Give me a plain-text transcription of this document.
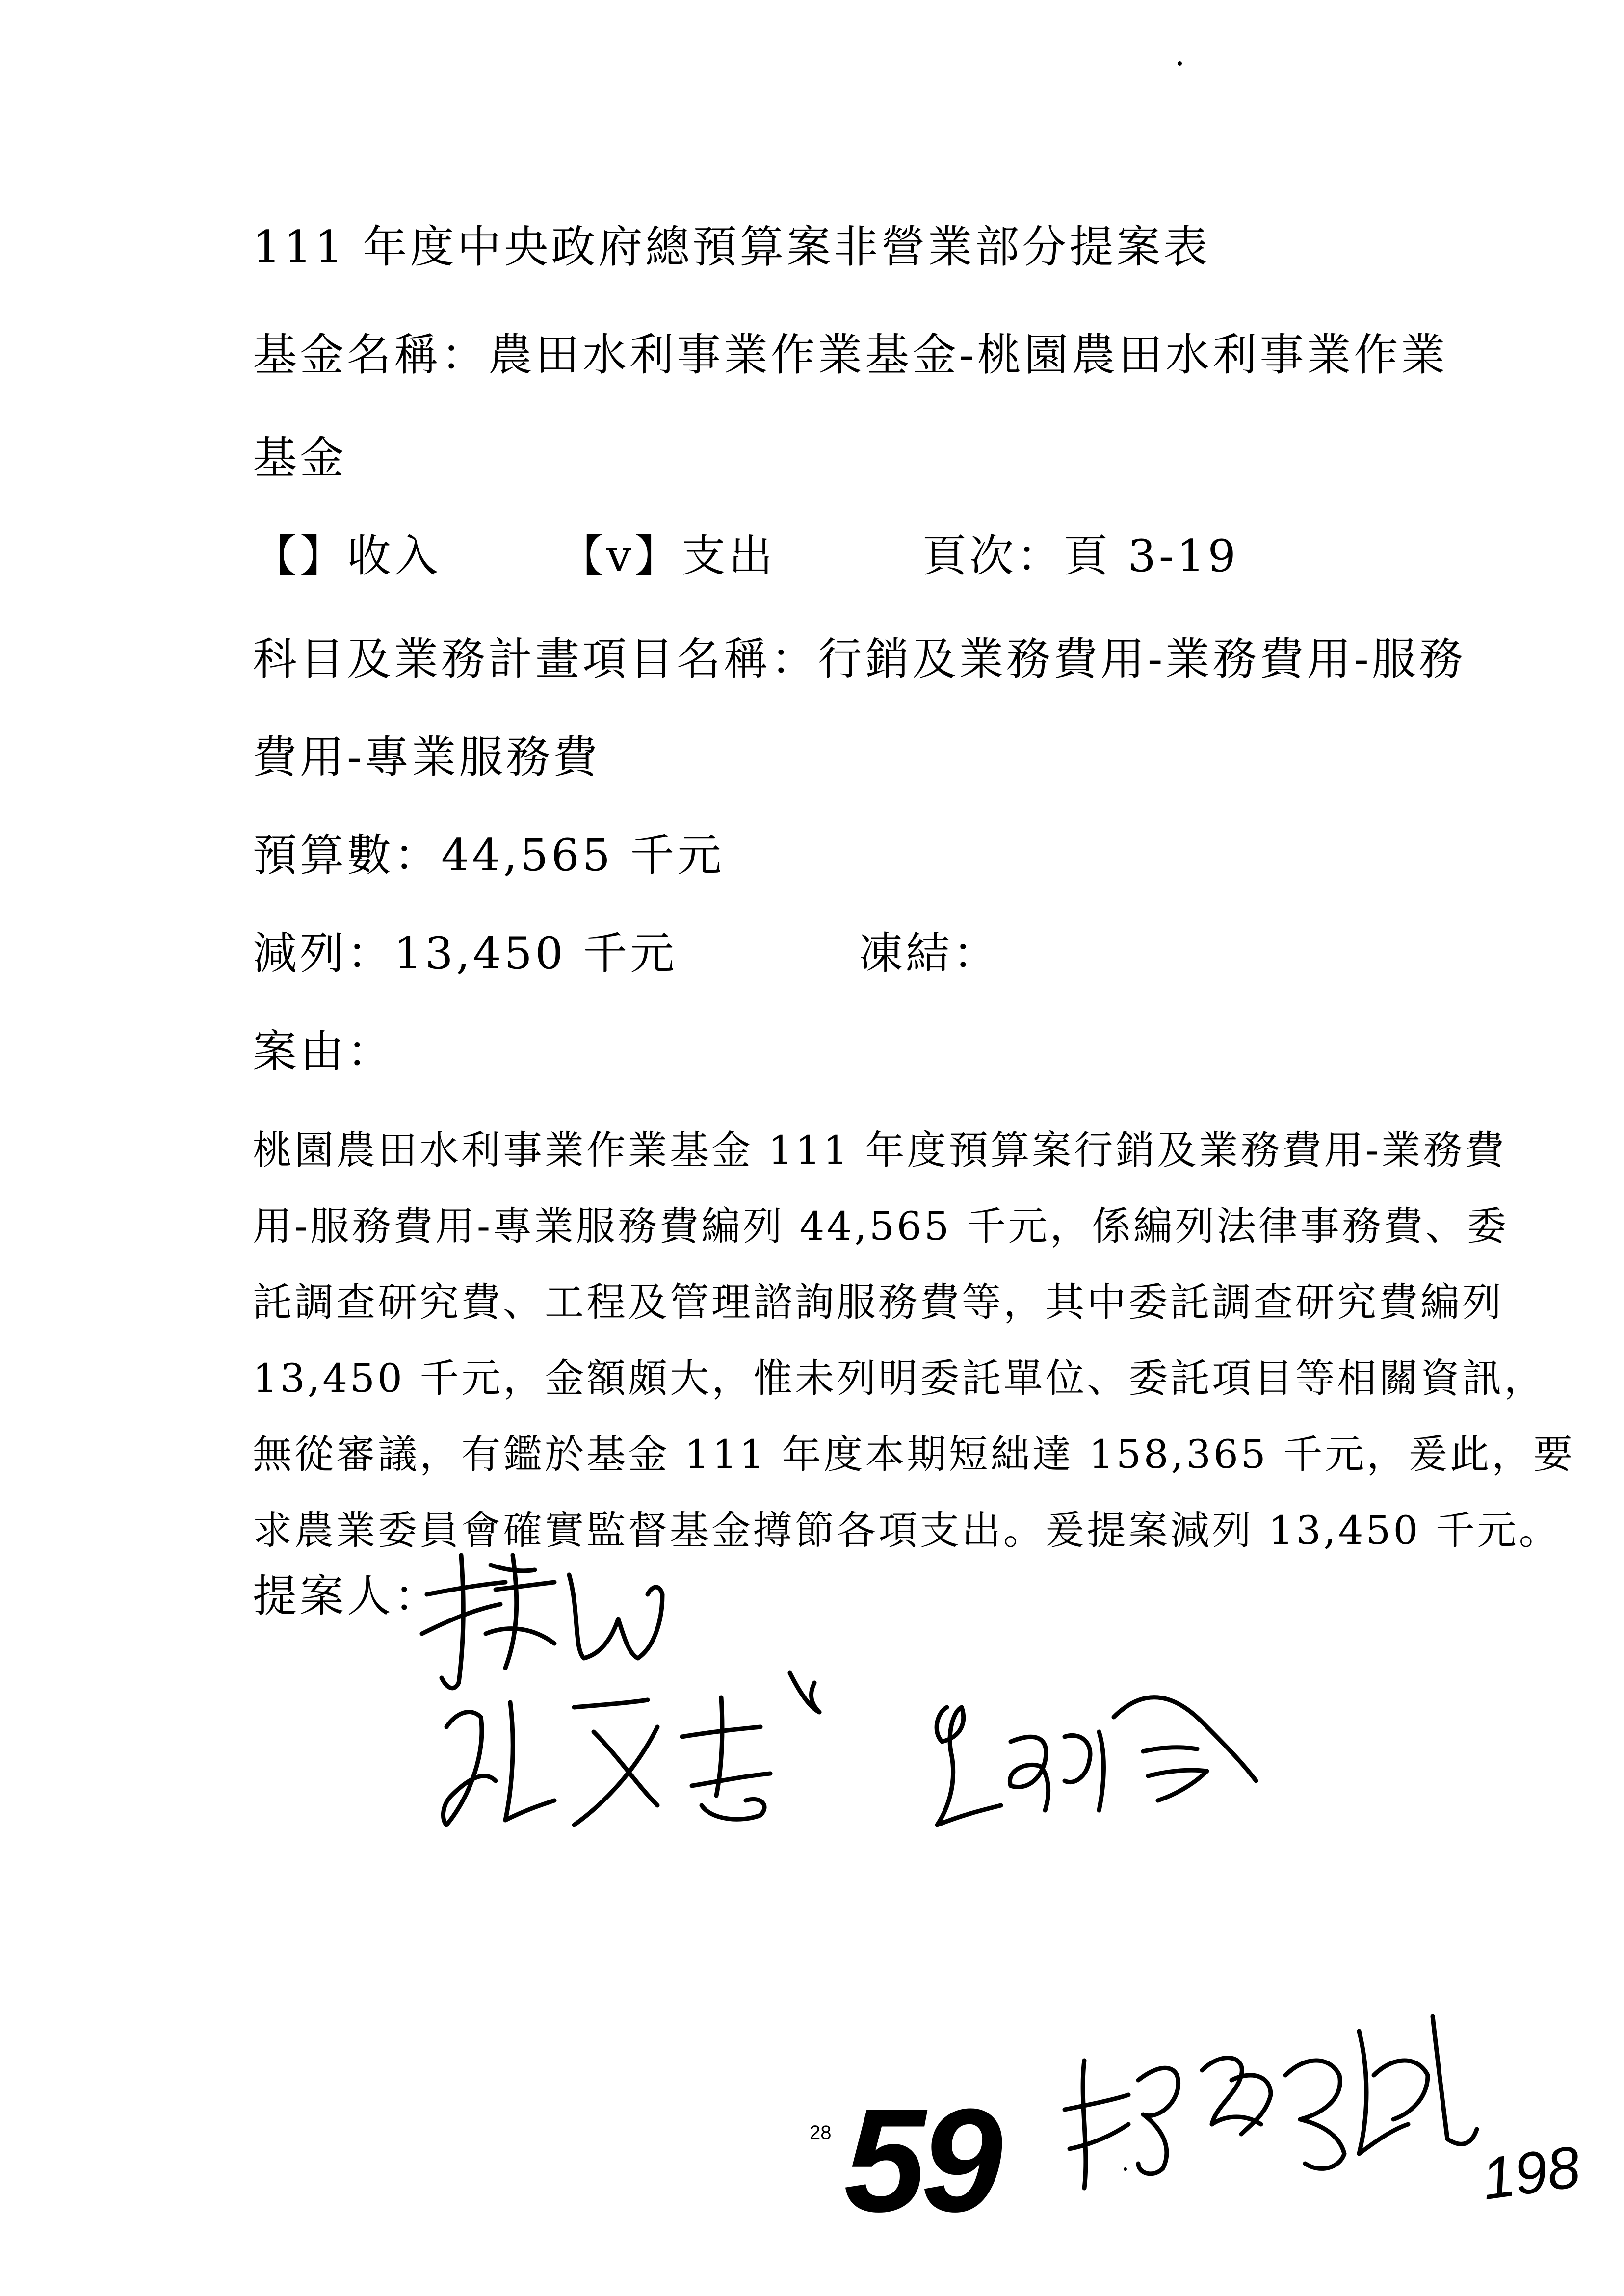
111 年度中央政府總預算案非營業部分提案表
基金名稱：農田水利事業作業基金-桃園農田水利事業作業
基金
【】收入	【v】支出	頁次：頁 3-19
科目及業務計畫項目名稱：行銷及業務費用-業務費用-服務
費用-專業服務費
預算數：44,565 千元
減列：13,450 千元	凍結：
案由：
桃園農田水利事業作業基金 111 年度預算案行銷及業務費用-業務費
用-服務費用-專業服務費編列 44,565 千元，係編列法律事務費、委
託調查研究費、工程及管理諮詢服務費等，其中委託調查研究費編列
13,450 千元，金額頗大，惟未列明委託單位、委託項目等相關資訊，
無從審議，有鑑於基金 111 年度本期短絀達 158,365 千元，爰此，要
求農業委員會確實監督基金撙節各項支出。爰提案減列 13,450 千元。
提案人：
28 59	198
